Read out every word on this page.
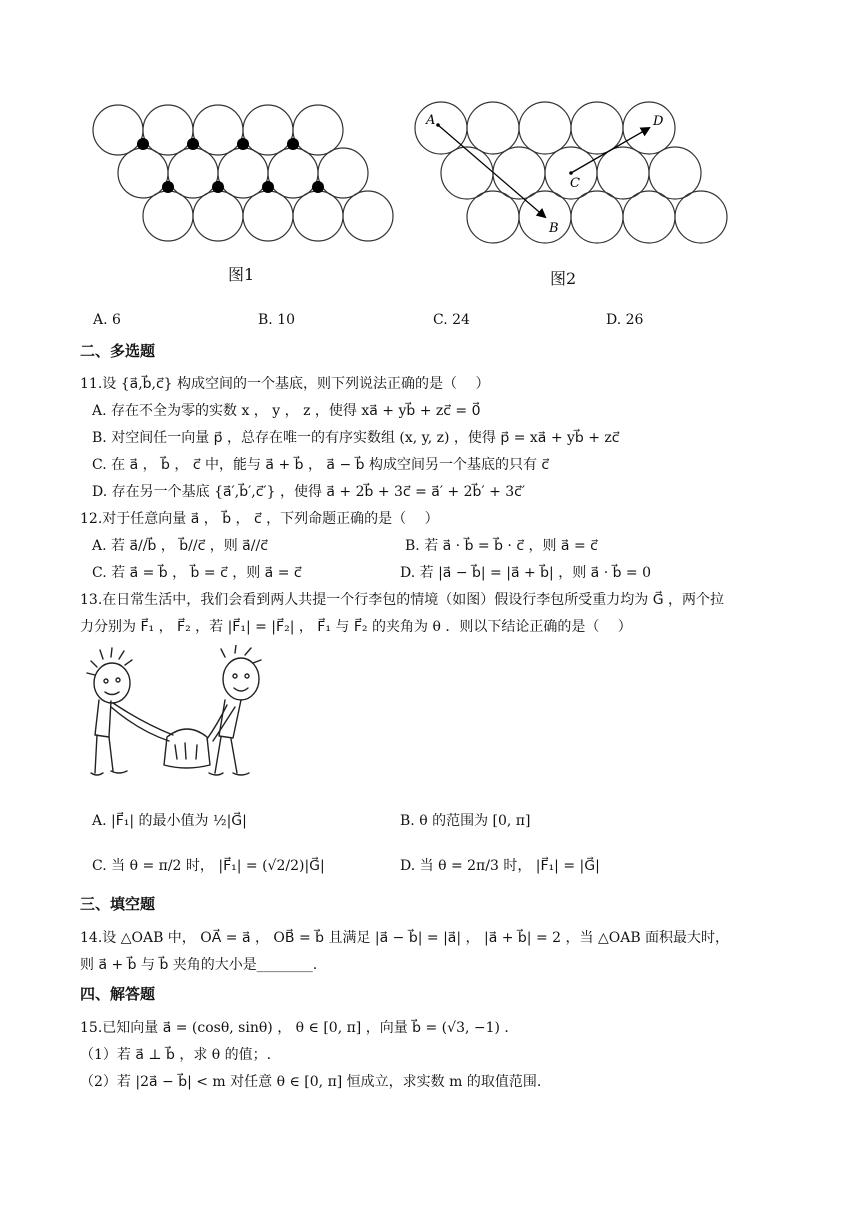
图1
A
B
C
D
图2
A. 6	B. 10	C. 24	D. 26
二、多选题
11.设 {a⃗,b⃗,c⃗} 构成空间的一个基底，则下列说法正确的是（　 ）
A. 存在不全为零的实数 x ， y ， z ，使得 xa⃗ + yb⃗ + zc⃗ = 0⃗
B. 对空间任一向量 p⃗ ，总存在唯一的有序实数组 (x, y, z) ，使得 p⃗ = xa⃗ + yb⃗ + zc⃗
C. 在 a⃗ ， b⃗ ， c⃗ 中，能与 a⃗ + b⃗ ， a⃗ − b⃗ 构成空间另一个基底的只有 c⃗
D. 存在另一个基底 {a⃗′,b⃗′,c⃗′} ，使得 a⃗ + 2b⃗ + 3c⃗ = a⃗′ + 2b⃗′ + 3c⃗′
12.对于任意向量 a⃗ ， b⃗ ， c⃗ ，下列命题正确的是（　 ）
A. 若 a⃗//b⃗ ， b⃗//c⃗ ，则 a⃗//c⃗	B. 若 a⃗ · b⃗ = b⃗ · c⃗ ，则 a⃗ = c⃗
C. 若 a⃗ = b⃗ ， b⃗ = c⃗ ，则 a⃗ = c⃗	D. 若 |a⃗ − b⃗| = |a⃗ + b⃗| ，则 a⃗ · b⃗ = 0
13.在日常生活中，我们会看到两人共提一个行李包的情境（如图）假设行李包所受重力均为 G⃗ ，两个拉
力分别为 F⃗₁ ， F⃗₂ ，若 |F⃗₁| = |F⃗₂| ， F⃗₁ 与 F⃗₂ 的夹角为 θ ．则以下结论正确的是（　 ）
A. |F⃗₁| 的最小值为 ½|G⃗|	B. θ 的范围为 [0, π]
C. 当 θ = π/2 时， |F⃗₁| = (√2/2)|G⃗|	D. 当 θ = 2π/3 时， |F⃗₁| = |G⃗|
三、填空题
14.设 △OAB 中， OA⃗ = a⃗ ， OB⃗ = b⃗ 且满足 |a⃗ − b⃗| = |a⃗| ， |a⃗ + b⃗| = 2 ，当 △OAB 面积最大时，
则 a⃗ + b⃗ 与 b⃗ 夹角的大小是________.
四、解答题
15.已知向量 a⃗ = (cosθ, sinθ) ， θ ∈ [0, π] ，向量 b⃗ = (√3, −1) ．
（1）若 a⃗ ⊥ b⃗ ，求 θ 的值；.
（2）若 |2a⃗ − b⃗| < m 对任意 θ ∈ [0, π] 恒成立，求实数 m 的取值范围.
